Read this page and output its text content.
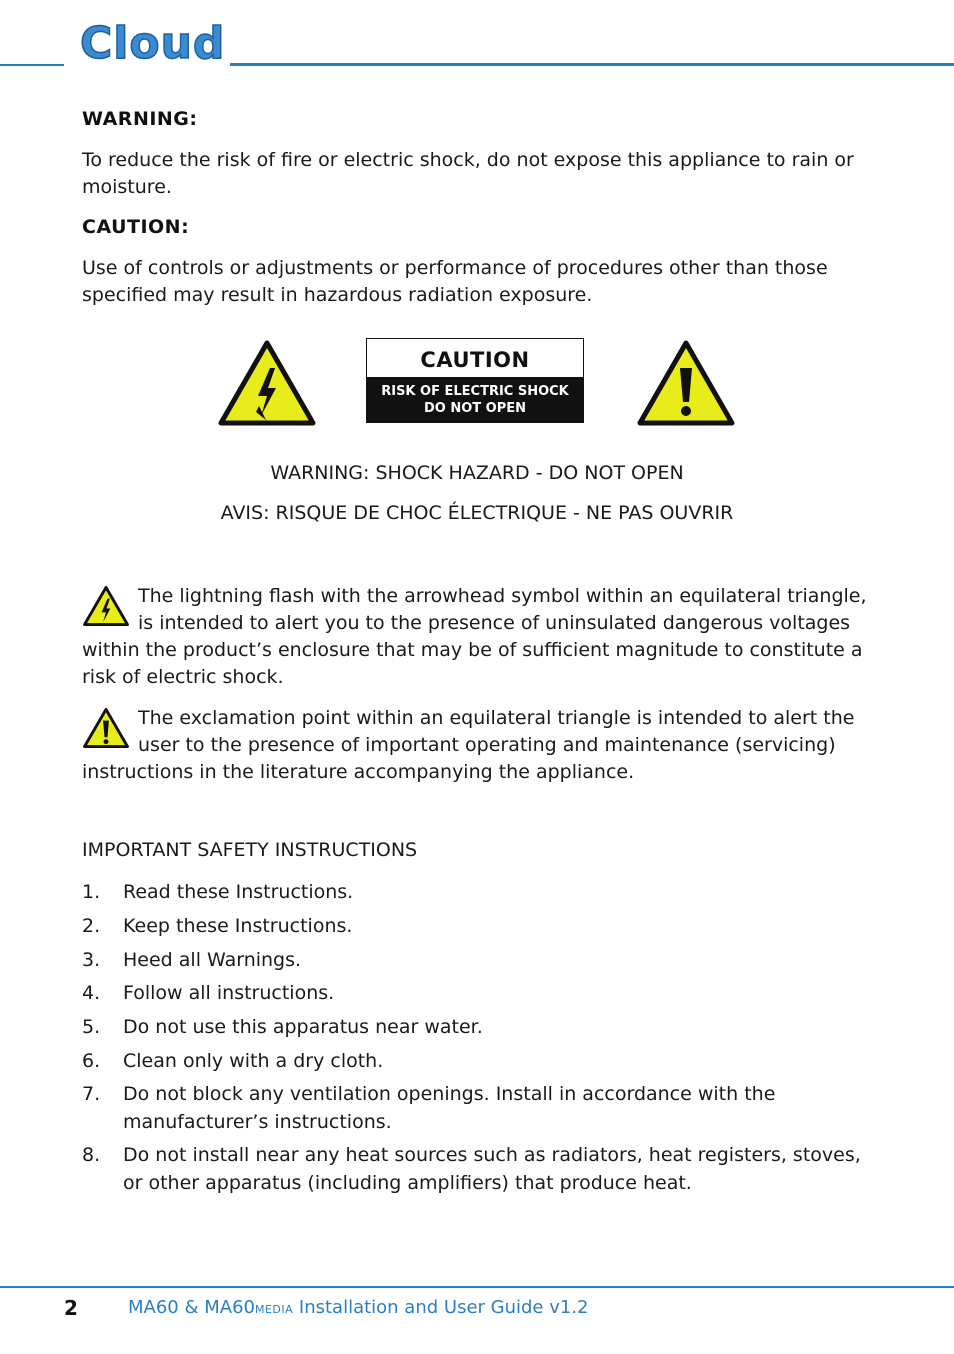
Cloud
WARNING:
To reduce the risk of fire or electric shock, do not expose this appliance to rain or moisture.
CAUTION:
Use of controls or adjustments or performance of procedures other than those specified may result in hazardous radiation exposure.
CAUTION
RISK OF ELECTRIC SHOCK
DO NOT OPEN
WARNING: SHOCK HAZARD - DO NOT OPEN
AVIS: RISQUE DE CHOC ÉLECTRIQUE - NE PAS OUVRIR
The lightning flash with the arrowhead symbol within an equilateral triangle, is intended to alert you to the presence of uninsulated dangerous voltages within the product’s enclosure that may be of sufficient magnitude to constitute a risk of electric shock.
The exclamation point within an equilateral triangle is intended to alert the user to the presence of important operating and maintenance (servicing) instructions in the literature accompanying the appliance.
IMPORTANT SAFETY INSTRUCTIONS
1. Read these Instructions.
2. Keep these Instructions.
3. Heed all Warnings.
4. Follow all instructions.
5. Do not use this apparatus near water.
6. Clean only with a dry cloth.
7. Do not block any ventilation openings. Install in accordance with the manufacturer’s instructions.
8. Do not install near any heat sources such as radiators, heat registers, stoves, or other apparatus (including amplifiers) that produce heat.
2	MA60 & MA60MEDIA Installation and User Guide v1.2
